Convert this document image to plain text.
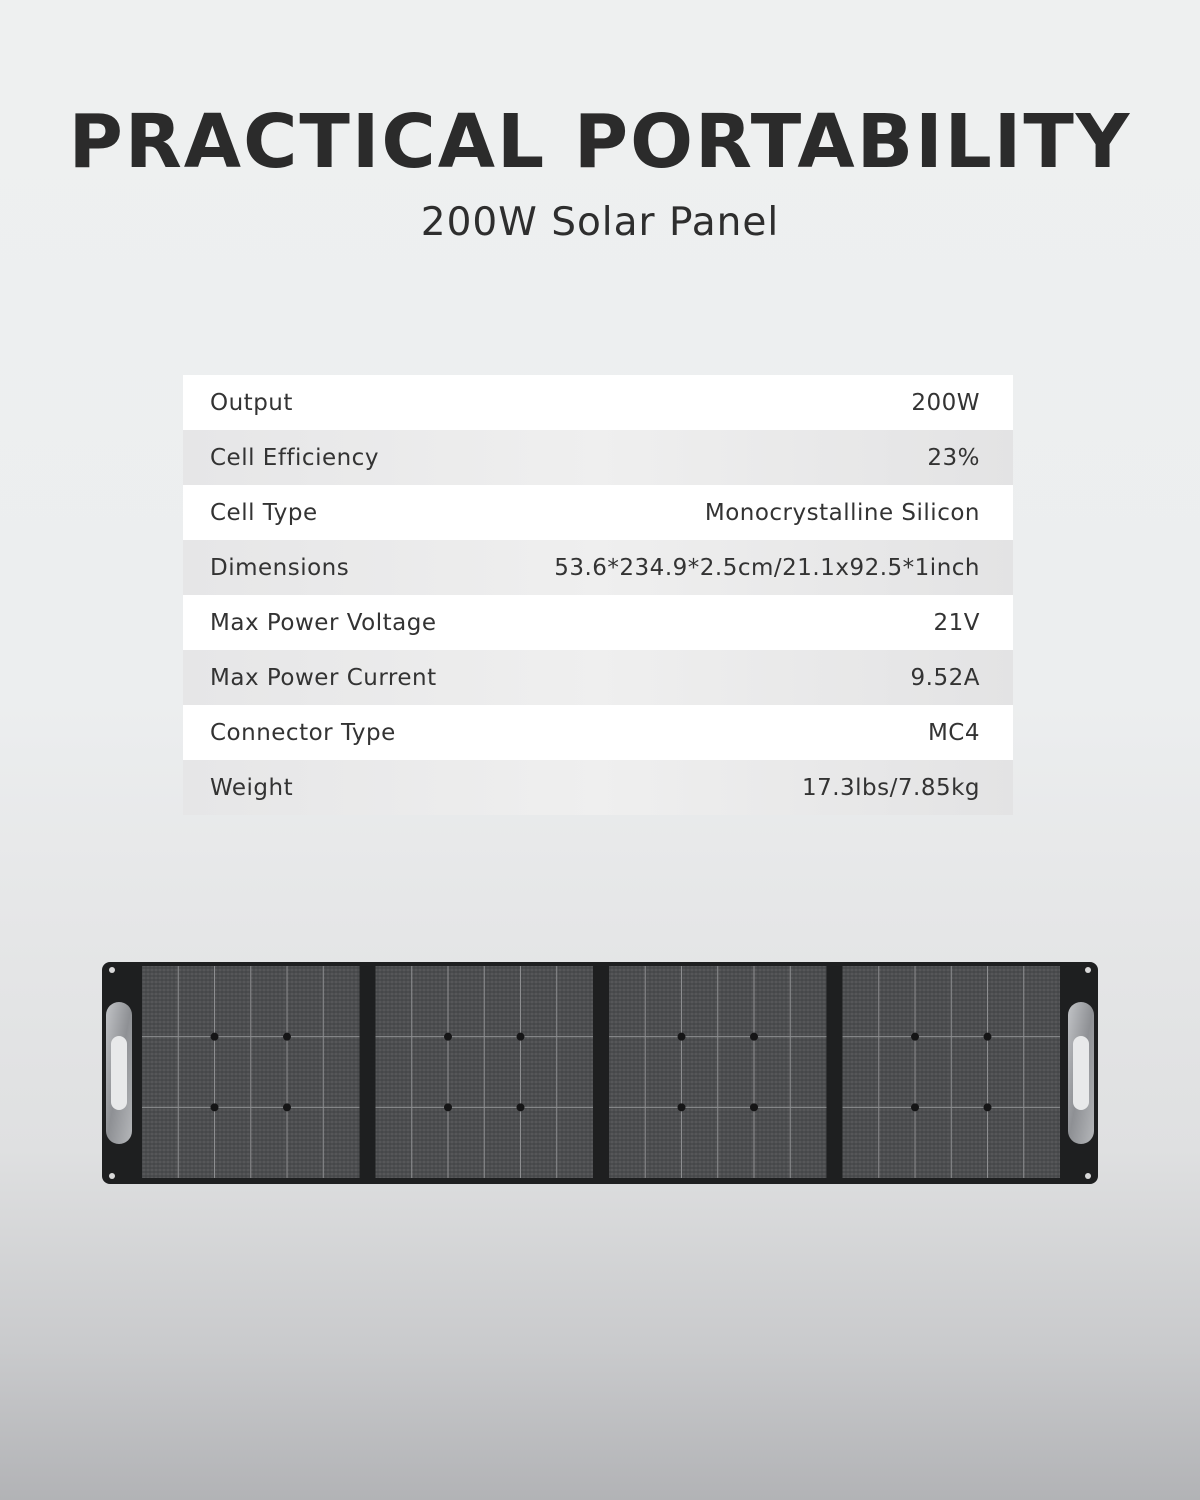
PRACTICAL PORTABILITY
200W Solar Panel
Output	200W
Cell Efficiency	23%
Cell Type	Monocrystalline Silicon
Dimensions	53.6*234.9*2.5cm/21.1x92.5*1inch
Max Power Voltage	21V
Max Power Current	9.52A
Connector Type	MC4
Weight	17.3lbs/7.85kg
